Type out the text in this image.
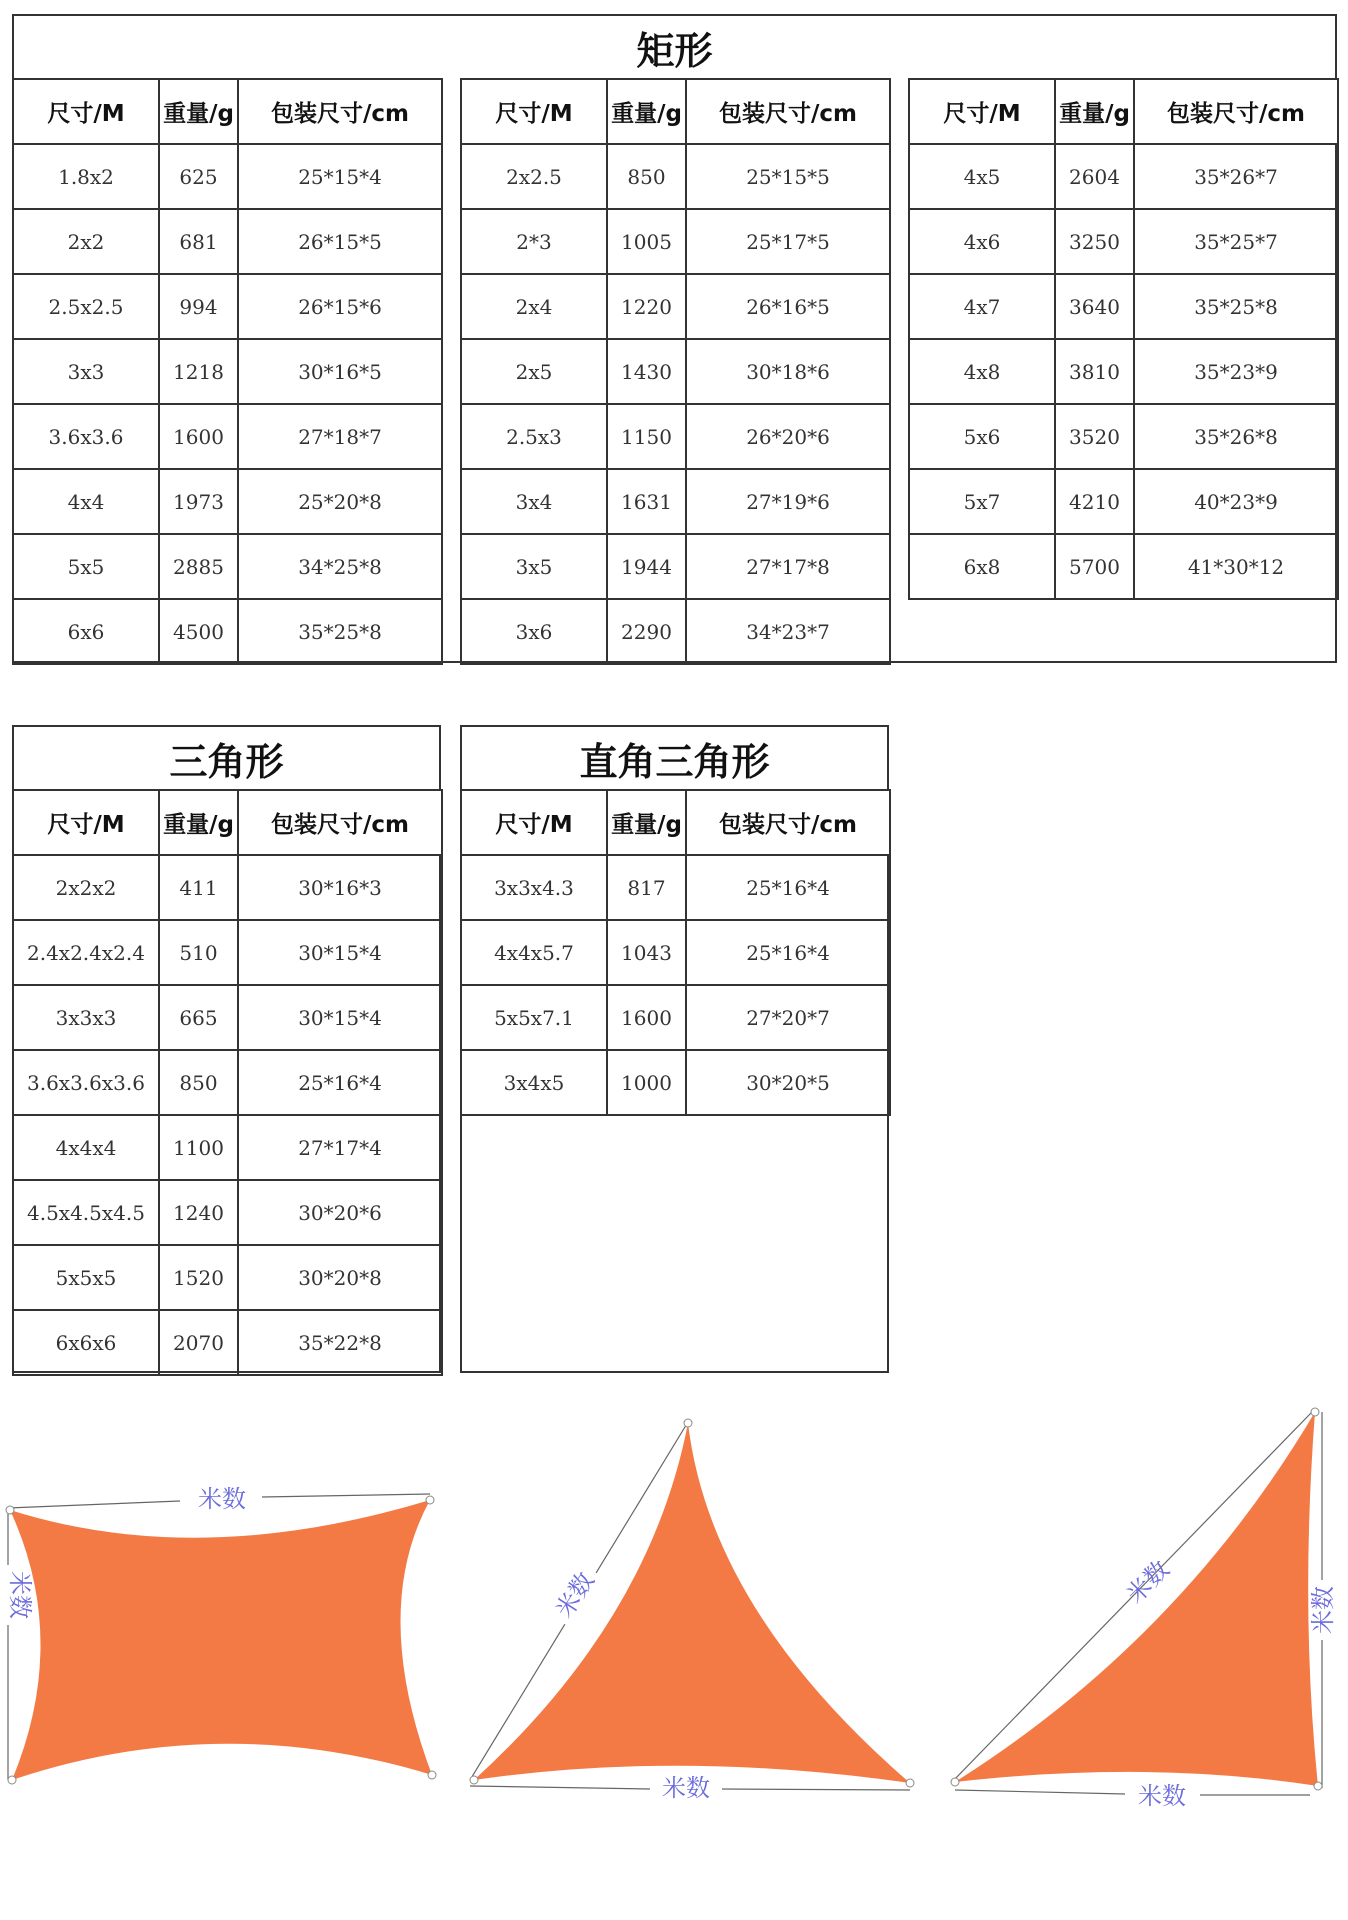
矩形
尺寸/M	重量/g	包装尺寸/cm
1.8x2	625	25*15*4
2x2	681	26*15*5
2.5x2.5	994	26*15*6
3x3	1218	30*16*5
3.6x3.6	1600	27*18*7
4x4	1973	25*20*8
5x5	2885	34*25*8
6x6	4500	35*25*8
尺寸/M	重量/g	包装尺寸/cm
2x2.5	850	25*15*5
2*3	1005	25*17*5
2x4	1220	26*16*5
2x5	1430	30*18*6
2.5x3	1150	26*20*6
3x4	1631	27*19*6
3x5	1944	27*17*8
3x6	2290	34*23*7
尺寸/M	重量/g	包装尺寸/cm
4x5	2604	35*26*7
4x6	3250	35*25*7
4x7	3640	35*25*8
4x8	3810	35*23*9
5x6	3520	35*26*8
5x7	4210	40*23*9
6x8	5700	41*30*12
三角形
尺寸/M	重量/g	包装尺寸/cm
2x2x2	411	30*16*3
2.4x2.4x2.4	510	30*15*4
3x3x3	665	30*15*4
3.6x3.6x3.6	850	25*16*4
4x4x4	1100	27*17*4
4.5x4.5x4.5	1240	30*20*6
5x5x5	1520	30*20*8
6x6x6	2070	35*22*8
直角三角形
尺寸/M	重量/g	包装尺寸/cm
3x3x4.3	817	25*16*4
4x4x5.7	1043	25*16*4
5x5x7.1	1600	27*20*7
3x4x5	1000	30*20*5
米数
米数	米数
米数
米数
米数
米数
